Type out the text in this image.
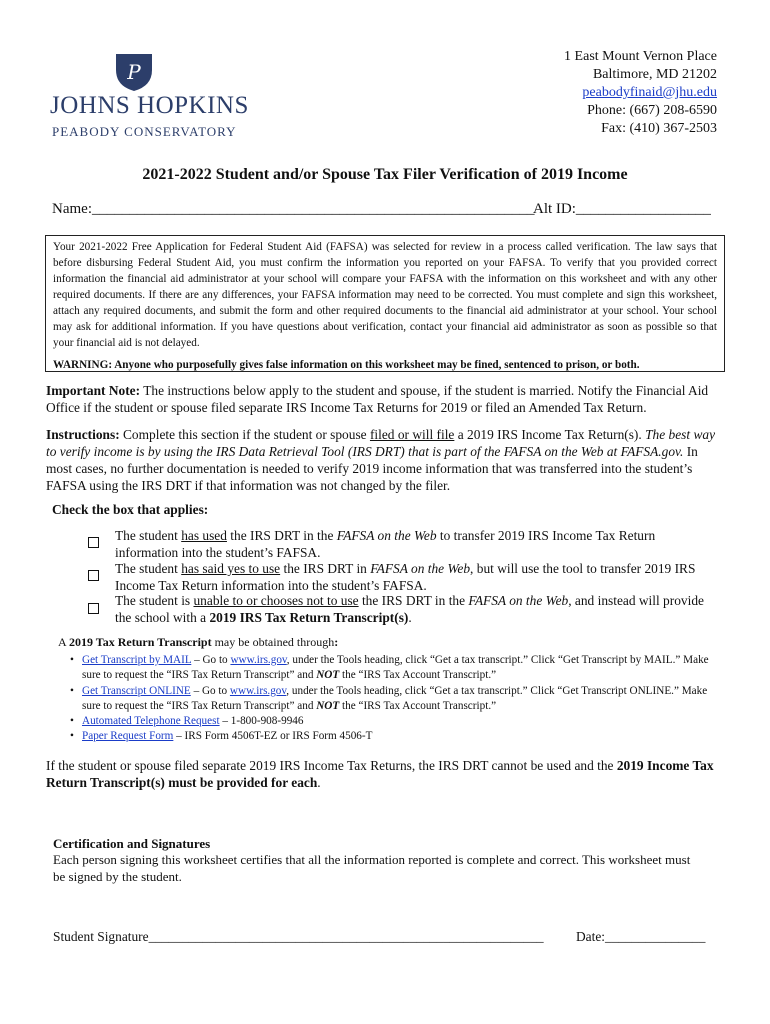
P
JOHNS HOPKINS
PEABODY CONSERVATORY
1 East Mount Vernon Place
Baltimore, MD 21202
peabodyfinaid@jhu.edu
Phone: (667) 208-6590
Fax: (410) 367-2503
2021-2022 Student and/or Spouse Tax Filer Verification of 2019 Income
Name:___________________________________________________________
Alt ID:__________________

Your 2021-2022 Free Application for Federal Student Aid (FAFSA) was selected for review in a process called verification. The law says that before disbursing Federal Student Aid, you must confirm the information you reported on your FAFSA. To verify that you provided correct information the financial aid administrator at your school will compare your FAFSA with the information on this worksheet and with any other required documents. If there are any differences, your FAFSA information may need to be corrected. You must complete and sign this worksheet, attach any required documents, and submit the form and other required documents to the financial aid administrator at your school. Your school may ask for additional information. If you have questions about verification, contact your financial aid administrator as soon as possible so that your financial aid is not delayed.

WARNING: Anyone who purposefully gives false information on this worksheet may be fined, sentenced to prison, or both.

Important Note: The instructions below apply to the student and spouse, if the student is married. Notify the Financial Aid Office if the student or spouse filed separate IRS Income Tax Returns for 2019 or filed an Amended Tax Return.
Instructions: Complete this section if the student or spouse filed or will file a 2019 IRS Income Tax Return(s). The best way to verify income is by using the IRS Data Retrieval Tool (IRS DRT) that is part of the FAFSA on the Web at FAFSA.gov. In most cases, no further documentation is needed to verify 2019 income information that was transferred into the student’s FAFSA using the IRS DRT if that information was not changed by the filer.
Check the box that applies:
The student has used the IRS DRT in the FAFSA on the Web to transfer 2019 IRS Income Tax Return information into the student’s FAFSA.
The student has said yes to use the IRS DRT in FAFSA on the Web, but will use the tool to transfer 2019 IRS Income Tax Return information into the student’s FAFSA.
The student is unable to or chooses not to use the IRS DRT in the FAFSA on the Web, and instead will provide the school with a 2019 IRS Tax Return Transcript(s).
A 2019 Tax Return Transcript may be obtained through:
• Get Transcript by MAIL – Go to www.irs.gov, under the Tools heading, click “Get a tax transcript.” Click “Get Transcript by MAIL.” Make sure to request the “IRS Tax Return Transcript” and NOT the “IRS Tax Account Transcript.”
• Get Transcript ONLINE – Go to www.irs.gov, under the Tools heading, click “Get a tax transcript.” Click “Get Transcript ONLINE.” Make sure to request the “IRS Tax Return Transcript” and NOT the “IRS Tax Account Transcript.”
• Automated Telephone Request – 1-800-908-9946
• Paper Request Form – IRS Form 4506T-EZ or IRS Form 4506-T
If the student or spouse filed separate 2019 IRS Income Tax Returns, the IRS DRT cannot be used and the 2019 Income Tax Return Transcript(s) must be provided for each.
Certification and Signatures
Each person signing this worksheet certifies that all the information reported is complete and correct. This worksheet must be signed by the student.
Student Signature___________________________________________________________ Date:_______________
